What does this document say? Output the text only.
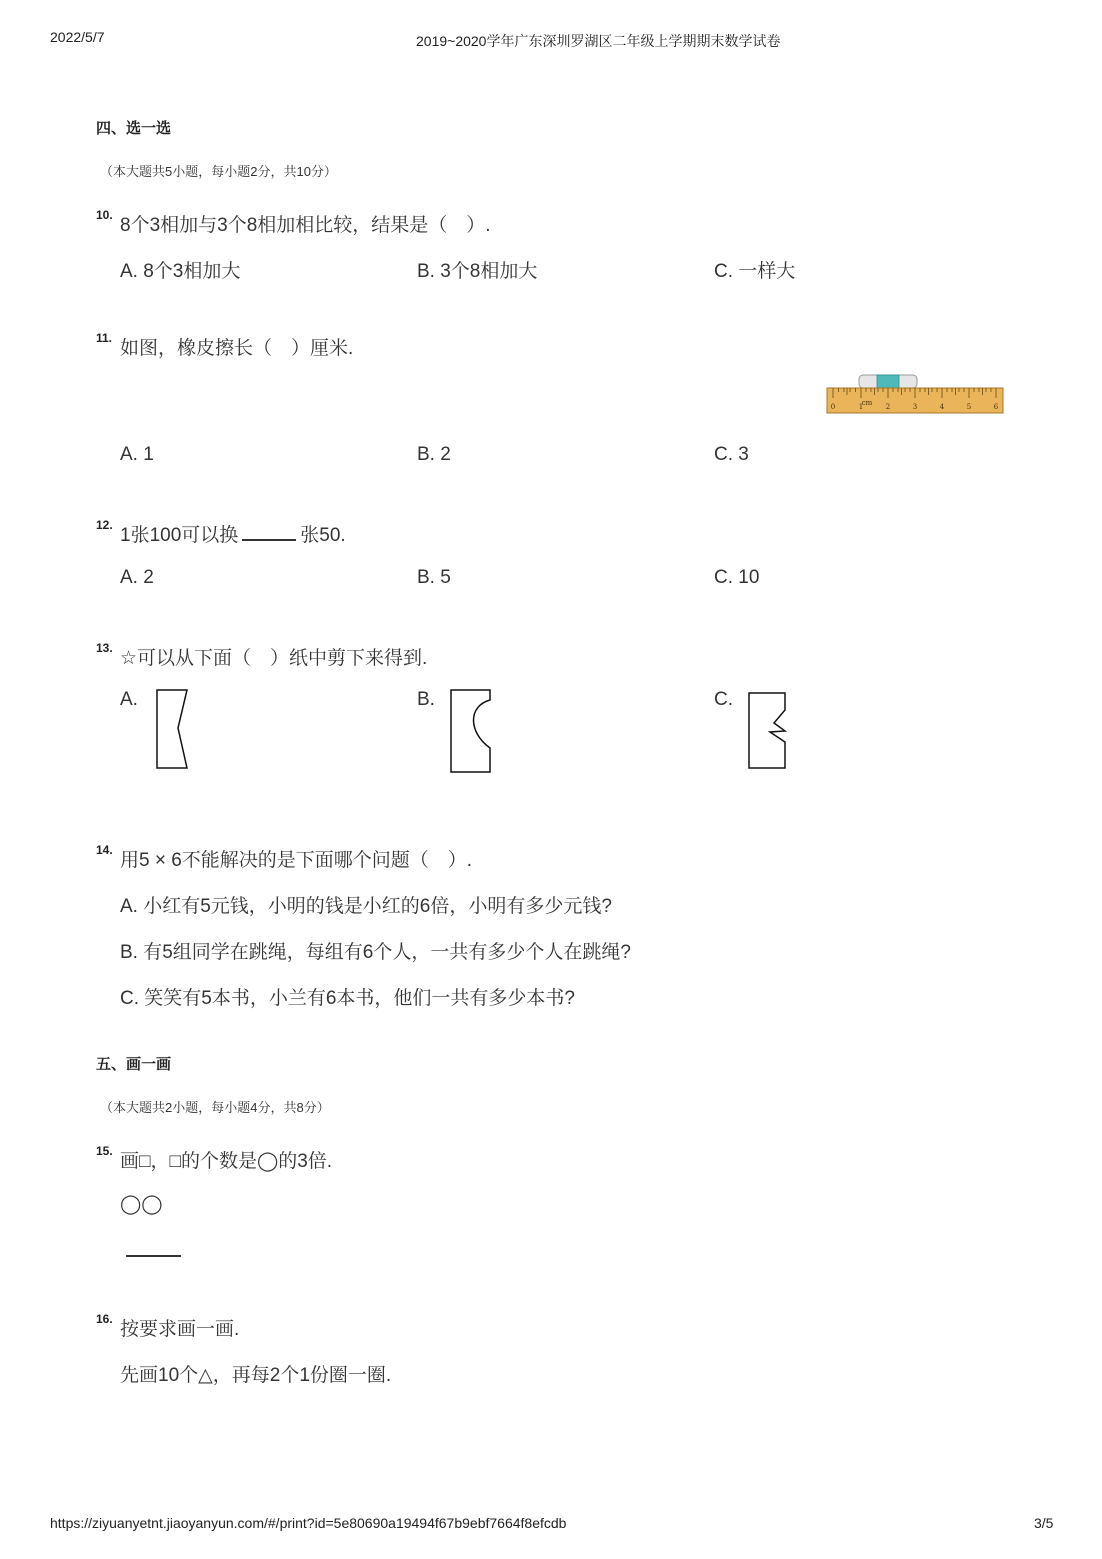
2022/5/7	2019~2020学年广东深圳罗湖区二年级上学期期末数学试卷
四、选一选
（本大题共5小题，每小题2分，共10分）
10. 8个3相加与3个8相加相比较，结果是（　）.
A. 8个3相加大	B. 3个8相加大	C. 一样大
11. 如图，橡皮擦长（　）厘米.
0	1
cm 2	3	4	5	6
A. 1	B. 2	C. 3
12. 1张100可以换	张50.
A. 2	B. 5	C. 10
13. ☆可以从下面（　）纸中剪下来得到.
A.	B.	C.
14. 用5 × 6不能解决的是下面哪个问题（　）.
A. 小红有5元钱，小明的钱是小红的6倍，小明有多少元钱?
B. 有5组同学在跳绳，每组有6个人，一共有多少个人在跳绳?
C. 笑笑有5本书，小兰有6本书，他们一共有多少本书?
五、画一画
（本大题共2小题，每小题4分，共8分）
15. 画□，□的个数是◯的3倍.
◯◯
16. 按要求画一画.
先画10个△，再每2个1份圈一圈.
https://ziyuanyetnt.jiaoyanyun.com/#/print?id=5e80690a19494f67b9ebf7664f8efcdb	3/5
